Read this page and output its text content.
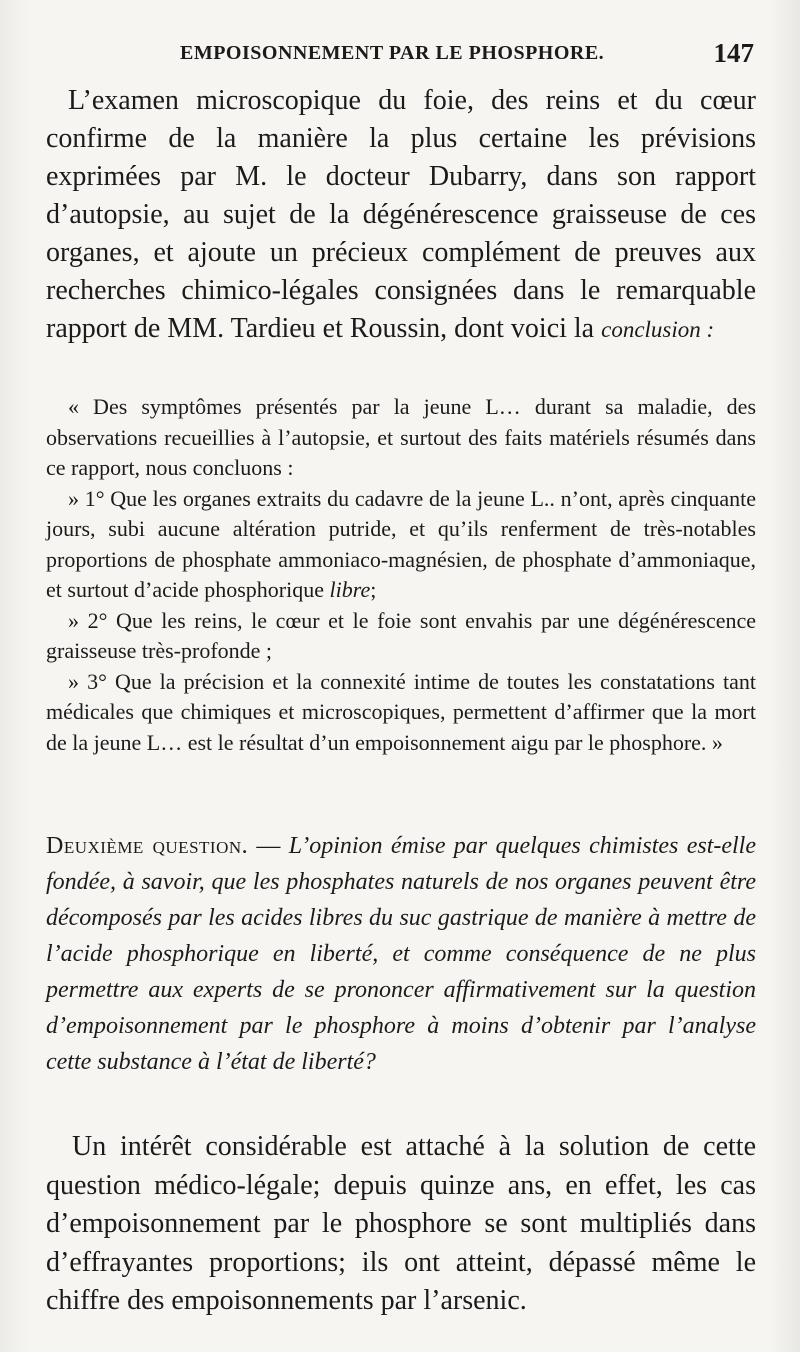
EMPOISONNEMENT PAR LE PHOSPHORE.	147

L’examen microscopique du foie, des reins et du cœur confirme de la manière la plus certaine les prévisions exprimées par M. le docteur Dubarry, dans son rapport d’autopsie, au sujet de la dégénérescence graisseuse de ces organes, et ajoute un précieux complément de preuves aux recherches chimico-légales consignées dans le remarquable rapport de MM. Tardieu et Roussin, dont voici la conclusion :

« Des symptômes présentés par la jeune L… durant sa maladie, des observations recueillies à l’autopsie, et surtout des faits matériels résumés dans ce rapport, nous concluons :

» 1° Que les organes extraits du cadavre de la jeune L.. n’ont, après cinquante jours, subi aucune altération putride, et qu’ils renferment de très-notables proportions de phosphate ammoniaco-magnésien, de phosphate d’ammoniaque, et surtout d’acide phosphorique libre;

» 2° Que les reins, le cœur et le foie sont envahis par une dégénérescence graisseuse très-profonde ;

» 3° Que la précision et la connexité intime de toutes les constatations tant médicales que chimiques et microscopiques, permettent d’affirmer que la mort de la jeune L… est le résultat d’un empoisonnement aigu par le phosphore. »

Deuxième question. — L’opinion émise par quelques chimistes est-elle fondée, à savoir, que les phosphates naturels de nos organes peuvent être décomposés par les acides libres du suc gastrique de manière à mettre de l’acide phosphorique en liberté, et comme conséquence de ne plus permettre aux experts de se prononcer affirmativement sur la question d’empoisonnement par le phosphore à moins d’obtenir par l’analyse cette substance à l’état de liberté?

Un intérêt considérable est attaché à la solution de cette question médico-légale; depuis quinze ans, en effet, les cas d’empoisonnement par le phosphore se sont multipliés dans d’effrayantes proportions; ils ont atteint, dépassé même le chiffre des empoisonnements par l’arsenic.
